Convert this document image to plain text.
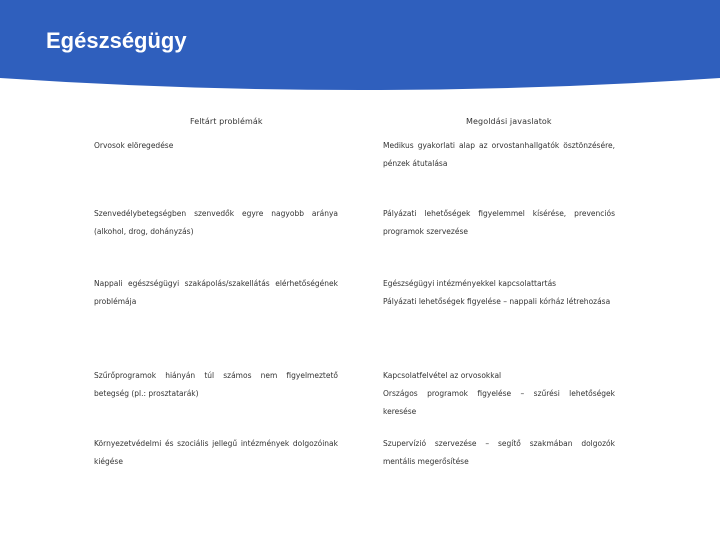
Egészségügy
Feltárt problémák	Megoldási javaslatok
Orvosok elöregedése	Medikus gyakorlati alap az orvostanhallgatók ösztönzésére, pénzek átutalása
Szenvedélybetegségben szenvedők egyre nagyobb aránya (alkohol, drog, dohányzás)
Pályázati lehetőségek figyelemmel kísérése, prevenciós programok szervezése
Nappali egészségügyi szakápolás/szakellátás elérhetőségének problémája
Egészségügyi intézményekkel kapcsolattartás
Pályázati lehetőségek figyelése – nappali kórház létrehozása
Szűrőprogramok hiányán túl számos nem figyelmeztető betegség (pl.: prosztatarák)
Kapcsolatfelvétel az orvosokkal
Országos programok figyelése – szűrési lehetőségek keresése
Környezetvédelmi és szociális jellegű intézmények dolgozóinak kiégése
Szupervízió szervezése – segítő szakmában dolgozók mentális megerősítése
